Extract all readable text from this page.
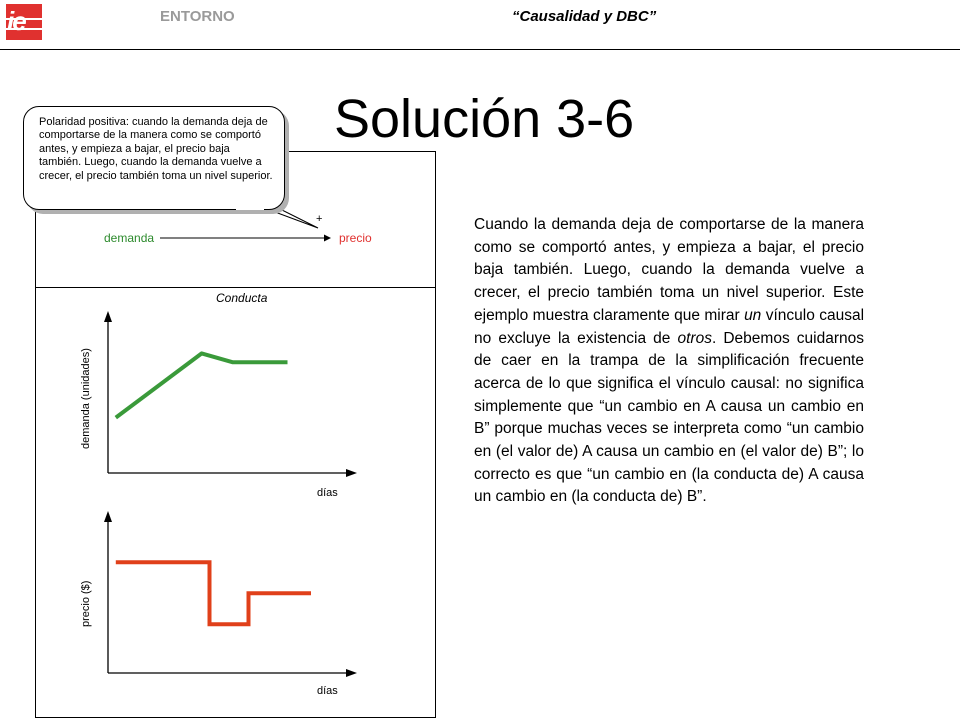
ie	ENTORNO	“Causalidad y DBC”
Solución 3-6
demanda	precio
+
Polaridad positiva: cuando la demanda deja de comportarse de la manera como se comportó antes, y empieza a bajar, el precio baja también. Luego, cuando la demanda vuelve a crecer, el precio también toma un nivel superior.
Conducta
demanda (unidades)
días
precio ($)
días
Cuando la demanda deja de comportarse de la manera como se comportó antes, y empieza a bajar, el precio baja también. Luego, cuando la demanda vuelve a crecer, el precio también toma un nivel superior. Este ejemplo muestra claramente que mirar un vínculo causal no excluye la existencia de otros. Debemos cuidarnos de caer en la trampa de la simplificación frecuente acerca de lo que significa el vínculo causal: no significa simplemente que “un cambio en A causa un cambio en B” porque muchas veces se interpreta como “un cambio en (el valor de) A causa un cambio en (el valor de) B”; lo correcto es que “un cambio en (la conducta de) A causa un cambio en (la conducta de) B”.
